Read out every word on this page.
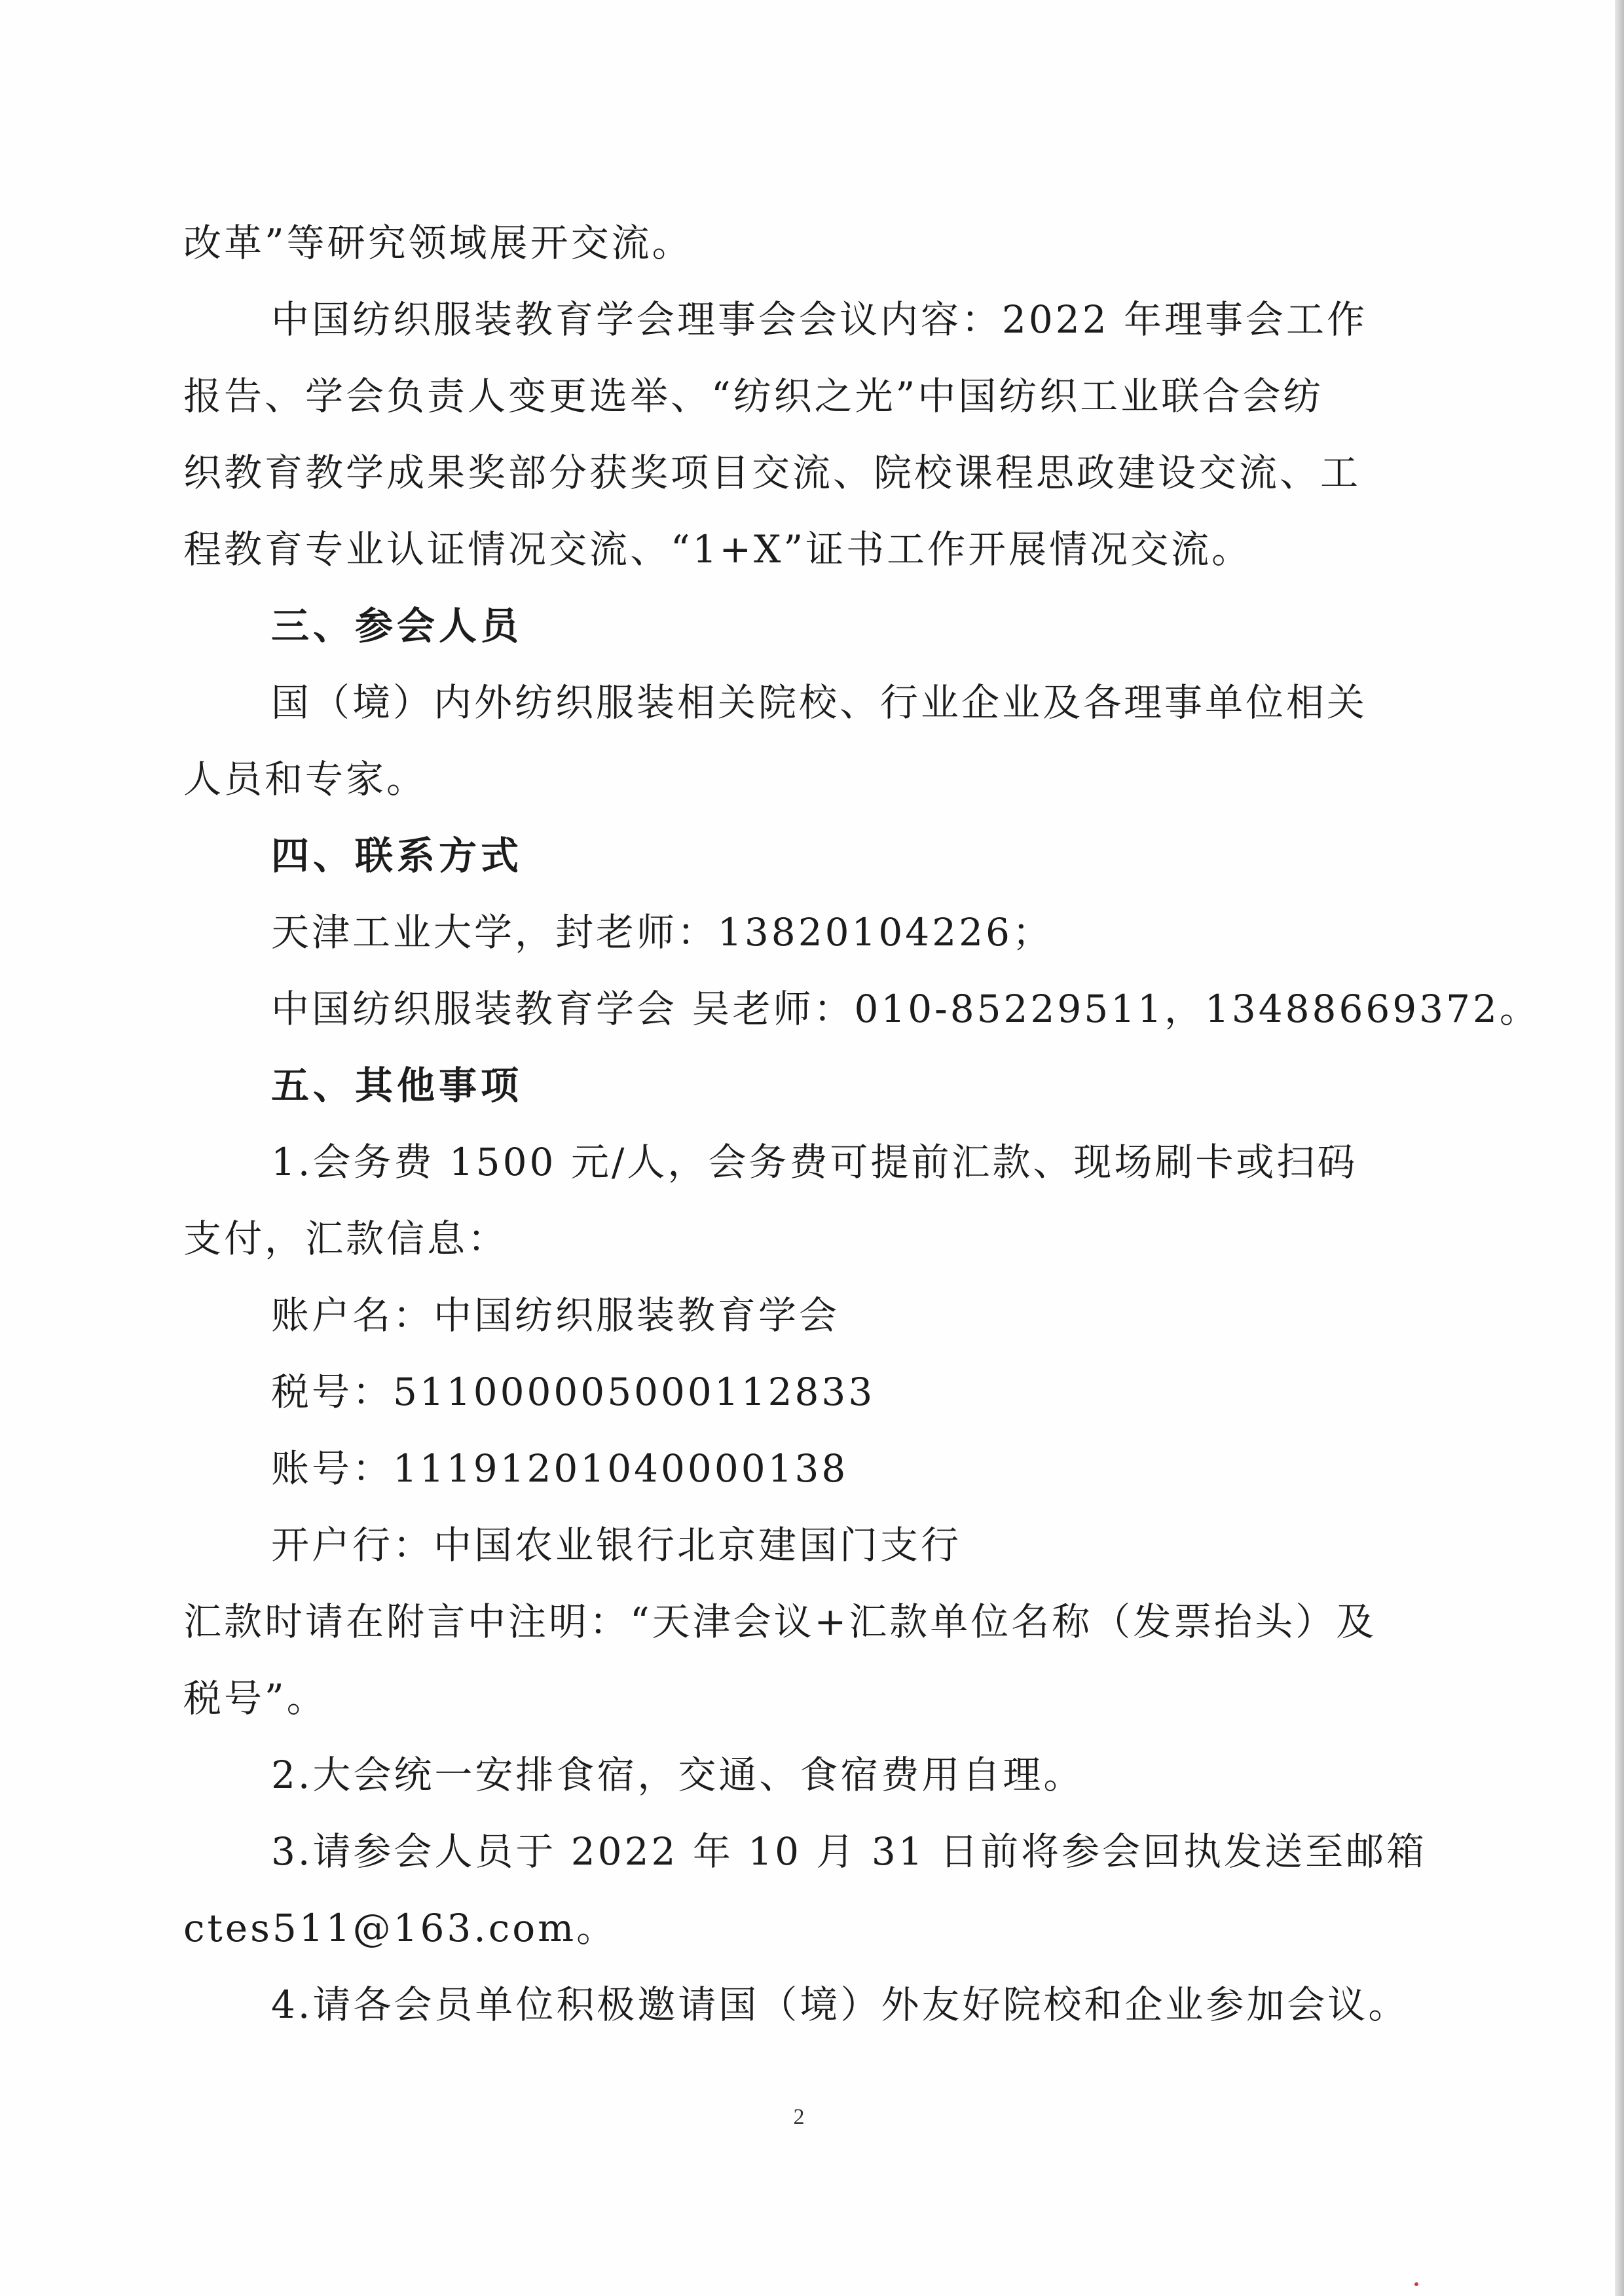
改革”等研究领域展开交流。

中国纺织服装教育学会理事会会议内容：2022 年理事会工作

报告、学会负责人变更选举、“纺织之光”中国纺织工业联合会纺

织教育教学成果奖部分获奖项目交流、院校课程思政建设交流、工

程教育专业认证情况交流、“1+X”证书工作开展情况交流。

三、参会人员

国（境）内外纺织服装相关院校、行业企业及各理事单位相关

人员和专家。

四、联系方式

天津工业大学，封老师：13820104226；

中国纺织服装教育学会 吴老师：010-85229511，13488669372。

五、其他事项

1.会务费 1500 元/人，会务费可提前汇款、现场刷卡或扫码

支付，汇款信息：

账户名：中国纺织服装教育学会

税号：511000005000112833

账号：11191201040000138

开户行：中国农业银行北京建国门支行

汇款时请在附言中注明：“天津会议+汇款单位名称（发票抬头）及

税号”。

2.大会统一安排食宿，交通、食宿费用自理。

3.请参会人员于 2022 年 10 月 31 日前将参会回执发送至邮箱

ctes511@163.com。

4.请各会员单位积极邀请国（境）外友好院校和企业参加会议。

2
